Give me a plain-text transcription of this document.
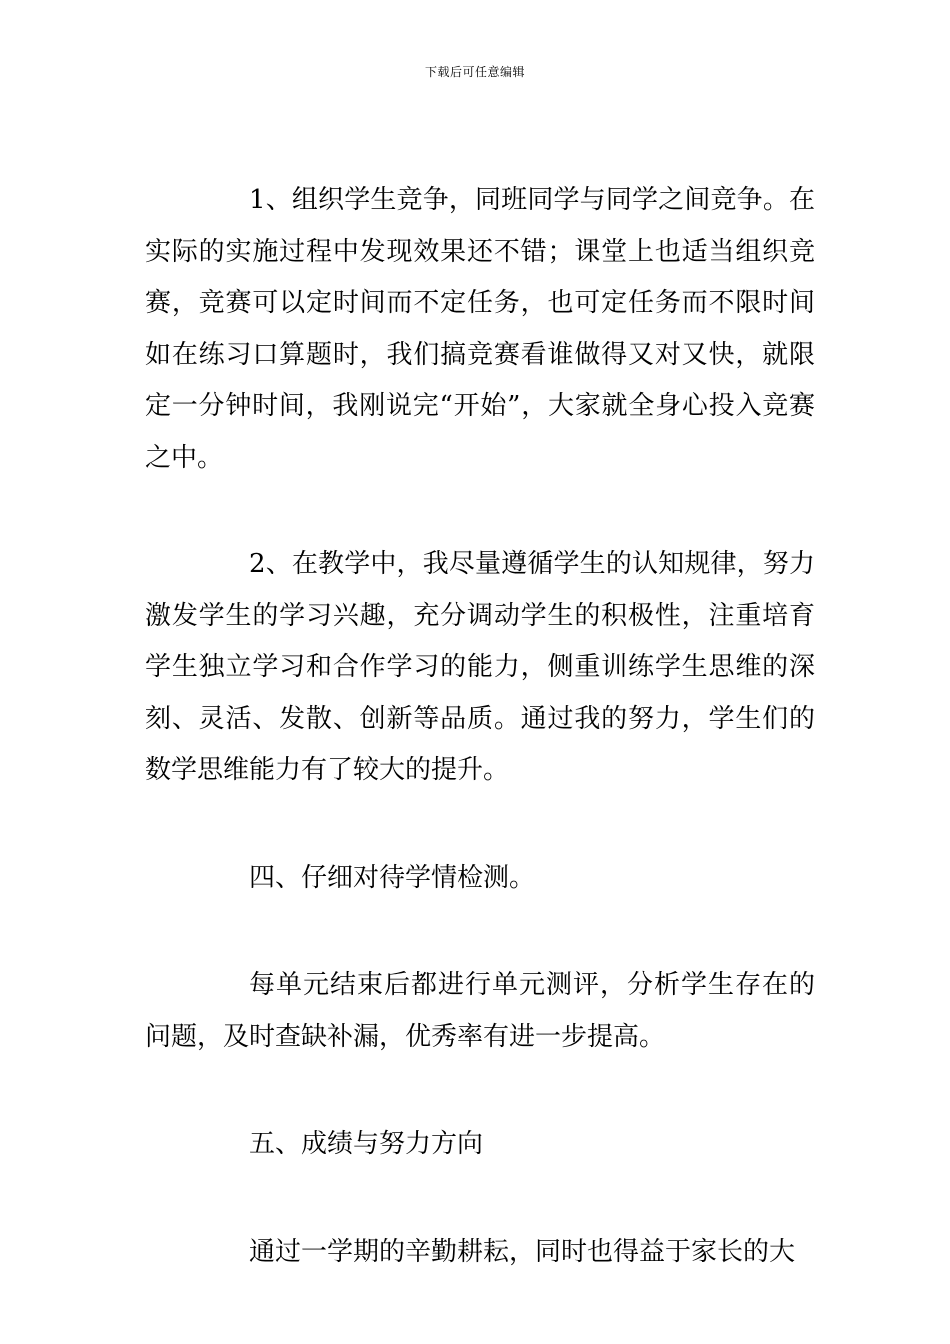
下载后可任意编辑

1、组织学生竞争，同班同学与同学之间竞争。在实际的实施过程中发现效果还不错；课堂上也适当组织竞赛，竞赛可以定时间而不定任务，也可定任务而不限时间如在练习口算题时，我们搞竞赛看谁做得又对又快，就限定一分钟时间，我刚说完“开始”，大家就全身心投入竞赛之中。

2、在教学中，我尽量遵循学生的认知规律，努力激发学生的学习兴趣，充分调动学生的积极性，注重培育学生独立学习和合作学习的能力，侧重训练学生思维的深刻、灵活、发散、创新等品质。通过我的努力，学生们的数学思维能力有了较大的提升。

四、仔细对待学情检测。

每单元结束后都进行单元测评，分析学生存在的问题，及时查缺补漏，优秀率有进一步提高。

五、成绩与努力方向

通过一学期的辛勤耕耘，同时也得益于家长的大
